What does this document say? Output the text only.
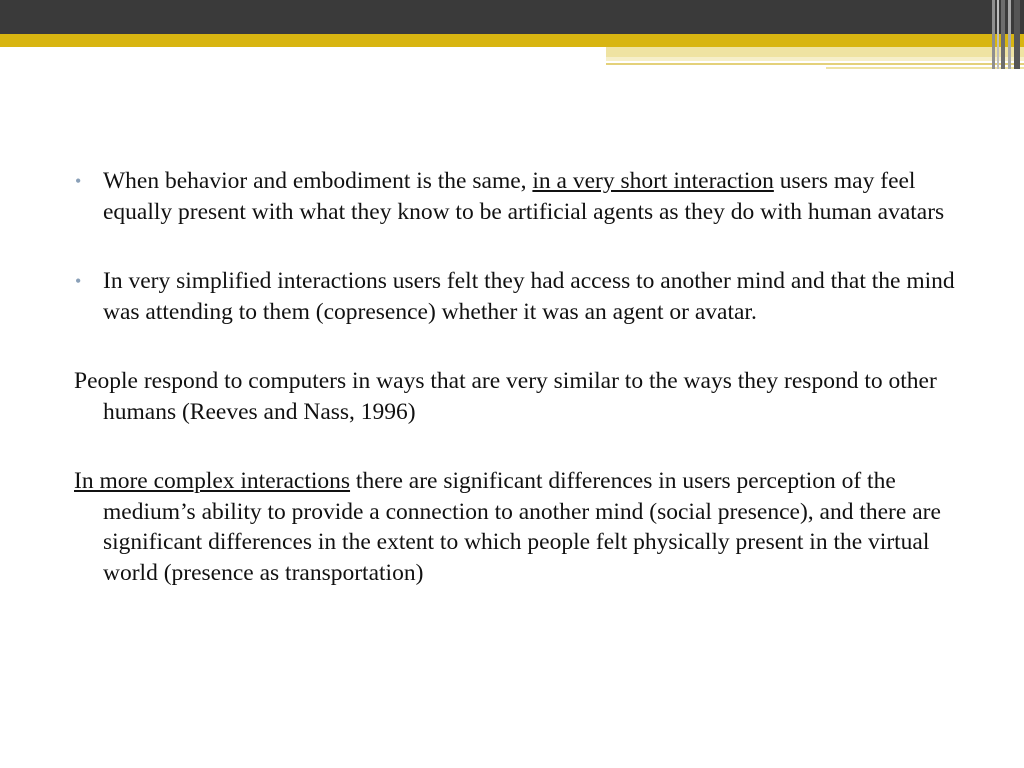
• When behavior and embodiment is the same, in a very short interaction users may feel equally present with what they know to be artificial agents as they do with human avatars
• In very simplified interactions users felt they had access to another mind and that the mind was attending to them (copresence) whether it was an agent or avatar.
People respond to computers in ways that are very similar to the ways they respond to other humans (Reeves and Nass, 1996)
In more complex interactions there are significant differences in users perception of the medium’s ability to provide a connection to another mind (social presence), and there are significant differences in the extent to which people felt physically present in the virtual world (presence as transportation)
